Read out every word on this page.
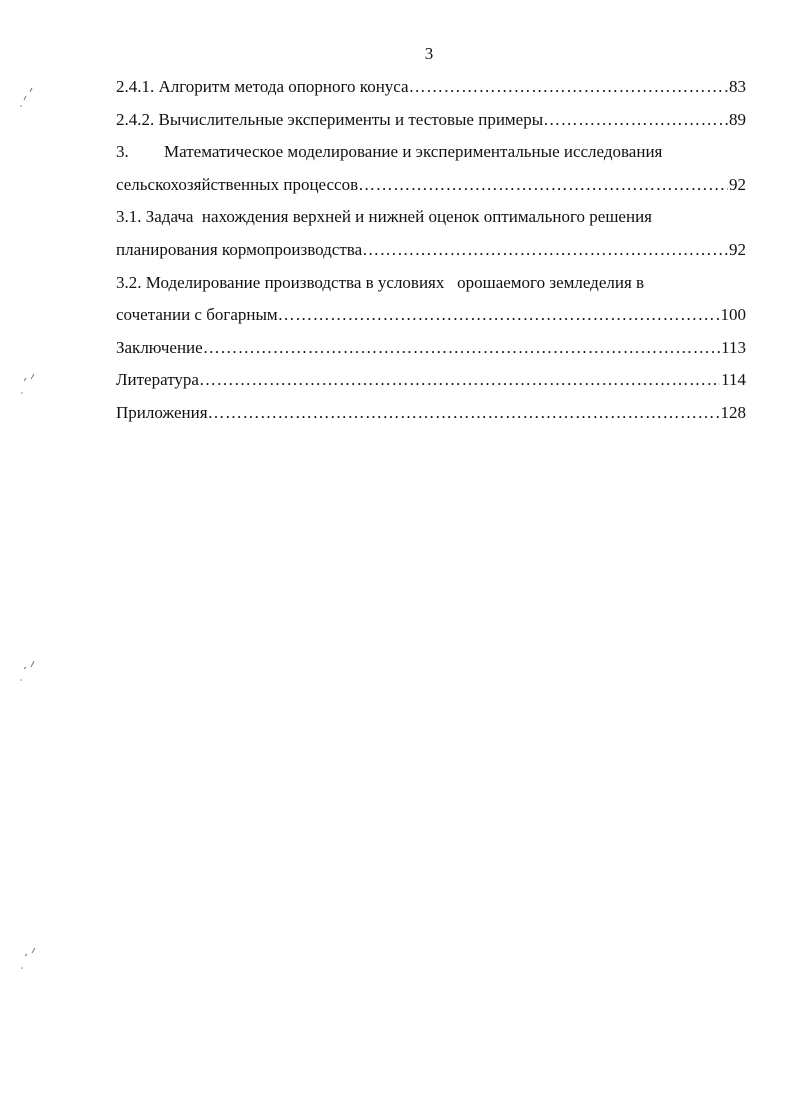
3
2.4.1. Алгоритм метода опорного конуса ………………………………………………………………………………………………………………………………………………………………	83
2.4.2. Вычислительные эксперименты и тестовые примеры ………………………………………………………………………………………………………………………………………………………………	89
3. Математическое моделирование и экспериментальные исследования
сельскохозяйственных процессов ………………………………………………………………………………………………………………………………………………………………	92
3.1. Задача  нахождения верхней и нижней оценок оптимального решения
планирования кормопроизводства ………………………………………………………………………………………………………………………………………………………………	92
3.2. Моделирование производства в условиях   орошаемого земледелия в
сочетании с богарным ………………………………………………………………………………………………………………………………………………………………	100
Заключение ………………………………………………………………………………………………………………………………………………………………	113
Литература ………………………………………………………………………………………………………………………………………………………………	114
Приложения ………………………………………………………………………………………………………………………………………………………………	128
